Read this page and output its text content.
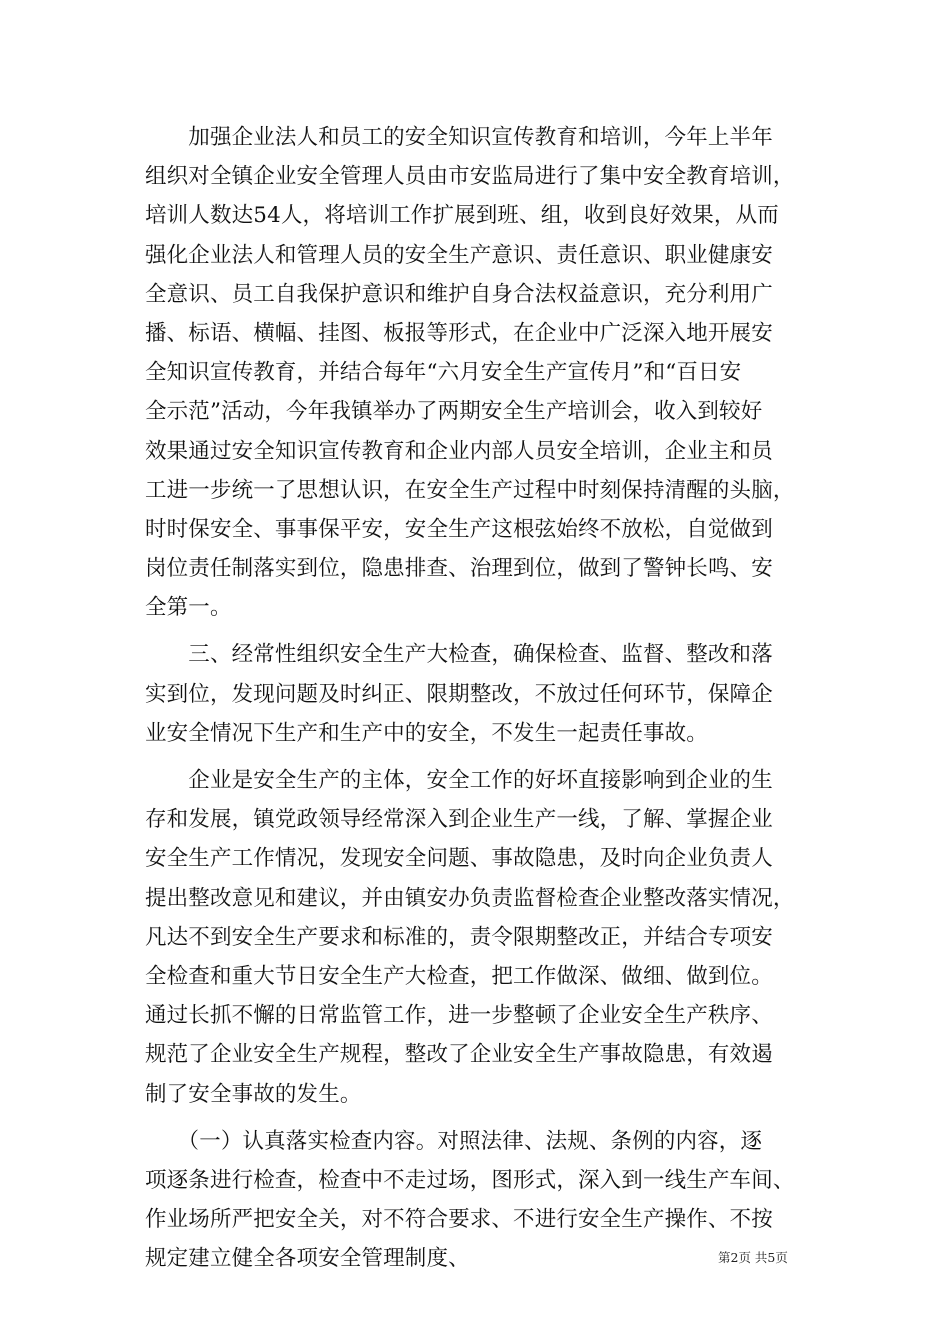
　　加强企业法人和员工的安全知识宣传教育和培训，今年上半年
组织对全镇企业安全管理人员由市安监局进行了集中安全教育培训，
培训人数达54人，将培训工作扩展到班、组，收到良好效果，从而
强化企业法人和管理人员的安全生产意识、责任意识、职业健康安
全意识、员工自我保护意识和维护自身合法权益意识，充分利用广
播、标语、横幅、挂图、板报等形式，在企业中广泛深入地开展安
全知识宣传教育，并结合每年“六月安全生产宣传月”和“百日安
全示范”活动，今年我镇举办了两期安全生产培训会，收入到较好
效果通过安全知识宣传教育和企业内部人员安全培训，企业主和员
工进一步统一了思想认识，在安全生产过程中时刻保持清醒的头脑，
时时保安全、事事保平安，安全生产这根弦始终不放松，自觉做到
岗位责任制落实到位，隐患排查、治理到位，做到了警钟长鸣、安
全第一。
　　三、经常性组织安全生产大检查，确保检查、监督、整改和落
实到位，发现问题及时纠正、限期整改，不放过任何环节，保障企
业安全情况下生产和生产中的安全，不发生一起责任事故。
　　企业是安全生产的主体，安全工作的好坏直接影响到企业的生
存和发展，镇党政领导经常深入到企业生产一线，了解、掌握企业
安全生产工作情况，发现安全问题、事故隐患，及时向企业负责人
提出整改意见和建议，并由镇安办负责监督检查企业整改落实情况，
凡达不到安全生产要求和标准的，责令限期整改正，并结合专项安
全检查和重大节日安全生产大检查，把工作做深、做细、做到位。
通过长抓不懈的日常监管工作，进一步整顿了企业安全生产秩序、
规范了企业安全生产规程，整改了企业安全生产事故隐患，有效遏
制了安全事故的发生。
　　（一）认真落实检查内容。对照法律、法规、条例的内容，逐
项逐条进行检查，检查中不走过场，图形式，深入到一线生产车间、
作业场所严把安全关，对不符合要求、不进行安全生产操作、不按
规定建立健全各项安全管理制度、	第2页 共5页
